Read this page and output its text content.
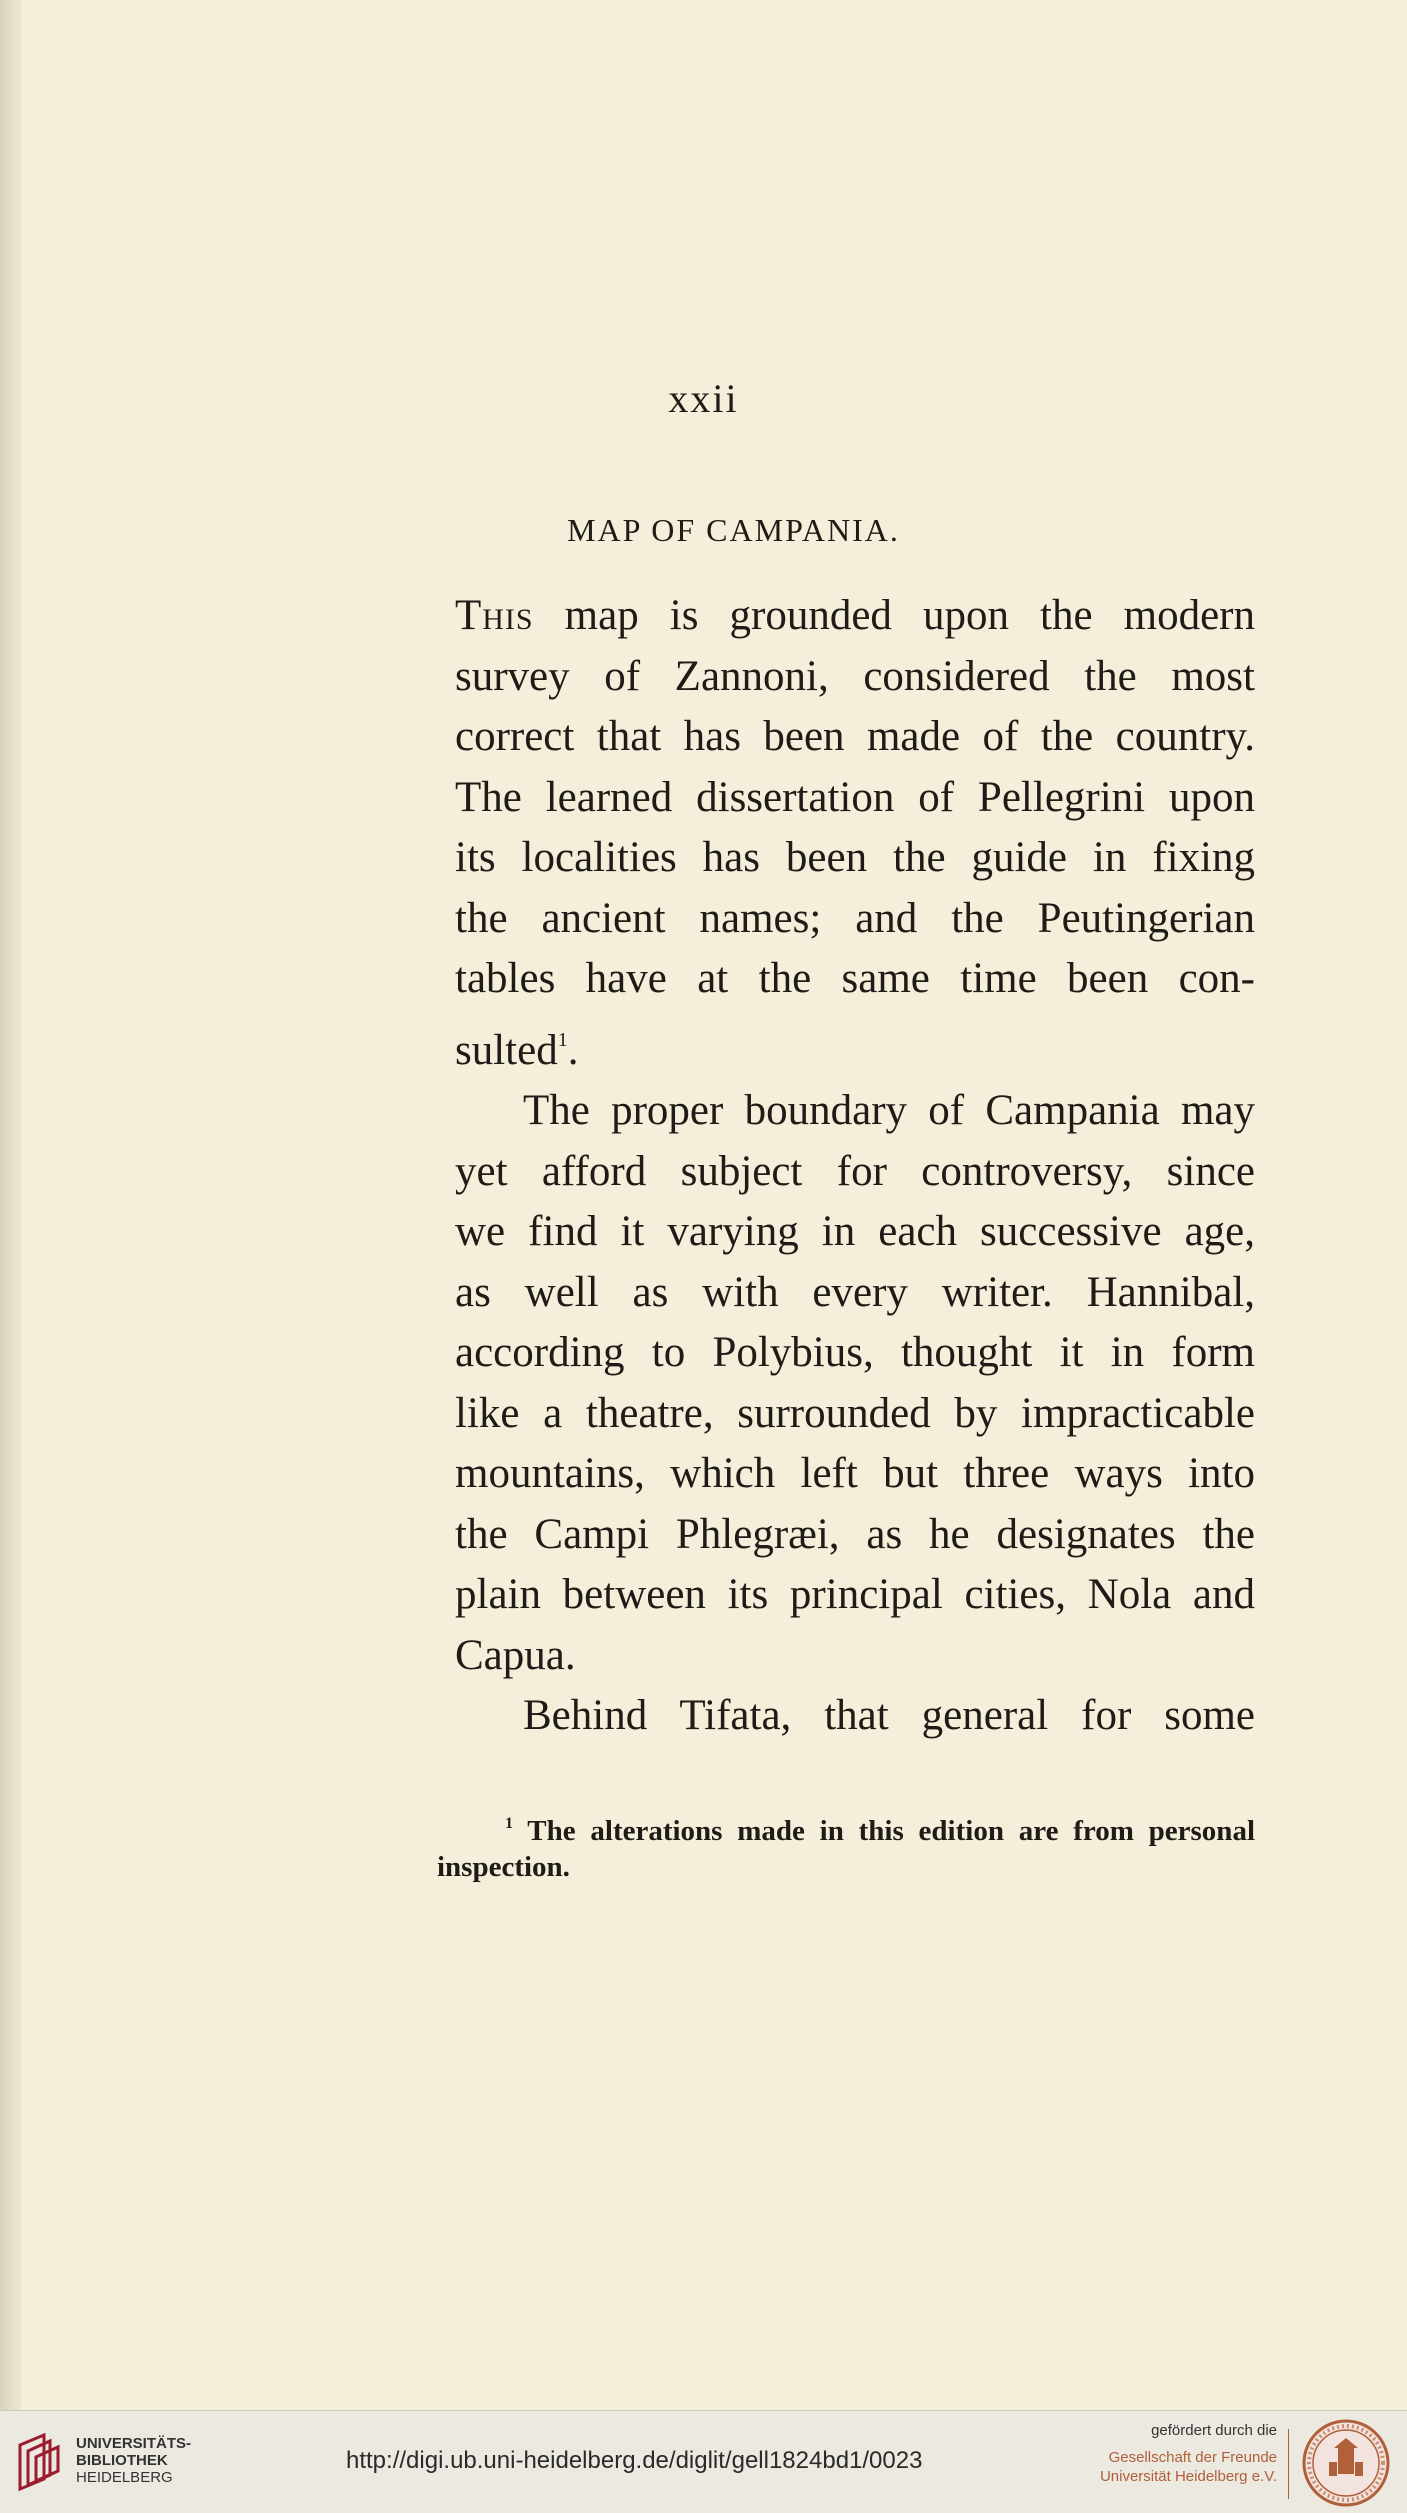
xxii
MAP OF CAMPANIA.
This map is grounded upon the modern
survey of Zannoni, considered the most
correct that has been made of the country.
The learned dissertation of Pellegrini upon
its localities has been the guide in fixing
the ancient names; and the Peutingerian
tables have at the same time been con-
sulted$^1$.
The proper boundary of Campania may
yet afford subject for controversy, since
we find it varying in each successive age,
as well as with every writer. Hannibal,
according to Polybius, thought it in form
like a theatre, surrounded by impracticable
mountains, which left but three ways into
the Campi Phlegræi, as he designates the
plain between its principal cities, Nola and
Capua.
Behind Tifata, that general for some
$^1$ The alterations made in this edition are from personal
inspection.
UNIVERSITÄTS-
BIBLIOTHEK
HEIDELBERG
http://digi.ub.uni-heidelberg.de/diglit/gell1824bd1/0023
gefördert durch die
Gesellschaft der Freunde
Universität Heidelberg e.V.
